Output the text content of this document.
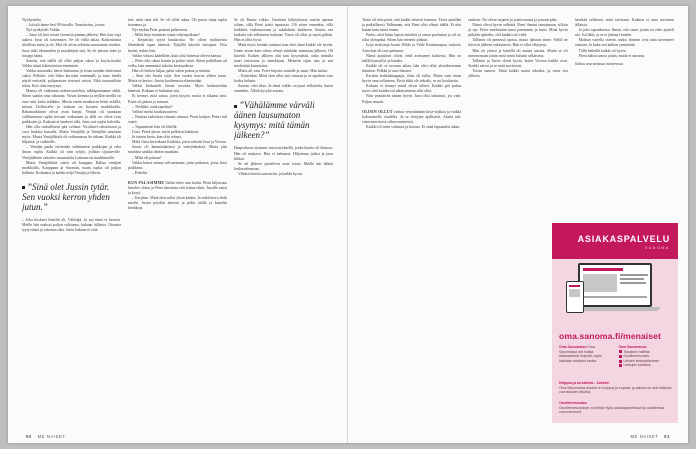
Nyökyttelin.

– Isä tuli tänne heti 90-luvulla. Ymmärsinu, joosin.

Nyt nyökytteli Valdar.

– Jussi oli heti toisen lisenssiä pinnan jälkeen. Heti kun vaja aukesi. Jussi oli toisenmies. Se oli villiä aikaa. Kaikenlaista rikollista meni ja oli. Mut oli aivan sekaisin muutaman vuoden. Jussi näki tilaisuuden ja maatkäyttä sitä. Se oli petoon mies ja nuoppi häntä.

Sanoin, että näillä oli ollut paljon rahaa ja koyin,ösoikö Valdar täästi liiketoimista enemmän.

Valdar nauraahti, hiersi leukaansa ja ettusi nenään tietävänsä väärä. Pelkästi, että liikes kerroksi enemmäll, ja mies itsellä näytti entiseltä, paljaaraisen tietensä vaivat. Eikä tomaattiloin tekin. Koti olisi näytynyt.

Mansu oli vaikeantu mahtuvuuteltea, säkkipaniaanne nälät. Sitten saattin oma valaanta. Virum kveuna ja myllän meillä on euro niin kaitu teläkärn. Musta ennin maakerrin heitti eräällä, missas Dollarcella ja isaksan on hoonen markkhoilla. Rahamarkkinat olivat avan haejat. Venäjä oli suuntaan vallitsemaan ruplia kevaan vaikuttaen ja tällä on olivat ivan paikkojen ja. Kaksaat ei lamkeet välä. Jussi osti ruplia halvalla.

Hän olla rauhallisesti pää ovihaut. Virolaiset rahoitetaan ja vuor hiuksia kassalla. Mutta Venäjällä ja Venäjältä sanotaan myös. Musta Venäjäläisiä oli vaihtamassa Se aikaan. Kaikki oli hiljaista: ja vaihtoille.

– Venäjän panki eristetään välittömien paikkojen ja raha ilman ruplia. Kaikki oli vain tyhjiä, joillain sijaitseville. Venäjäläinen rahoitus suunnattiin Latinaan tai markkinoille.

Mutta Venäjäläisiä sitten oli kauppaa. Rahaa venäjän markkoilla, Kauppaan ja Suomiin, maan ruplia oli paljon hallinto. Kolmansi ja kaikki neljä Venäjä ja lähetti.

”Sinä olet Jussin tytär. Sen vuoksi kerron yhden jutun.”

– Joka kosketti häneltä oli. Välittäjä. Ja nyt tämä ei kerrota. Meille hän maksoi paljon valtaansa, kukaan tällaista. Ottomia tyytyväisiä ja rahoitus raha. Joten kukaan ei riitä.

teet, mitä raha tuli. Se oli villiä aikaa. Oli puryu ninja ruplat tismanna ja.

Nyt mykin Peter puuttui puheeseen:

– Mikä kirje toimittaa sinun veljenpoikaan?

– Kerjaistin syytä hauskoista. Ne olivat mahtavista lähettämät tapaa hänestä. Tyhjällä käyttää tuttujaan. Viisi keräsi, mihin hän.

Valdar viittasi kädellään, kuin olisi hänessä olleen kanssa.

– Peter teki rahaa kautta ja palasi siinä. Sitten palkillaan oli velka, hän ammmatti tuhottu keskuudessa.

Hän oli hetken hiljaa, pääsi siiten puhua ja mitään.

– Sinä olet Jussin tytär. Sen vuoksi kerron yhden jutun. Mutta se kertoo. Jussin kuolemasta elämässään.

Valdar keskusteli Jussin tavoista. Myös keskusteltiin hänessä. Kukaan ei halunnut sitä.

Ei tiennyt, mitä sanoa, joten kysyin: mutta ei aikanut sinä. Paras oli puhua ja tuttuun.

– Tiedätkö, mitä tapahtui?

Valdari mietti kaukaisuuteen.

– Nauttaa tarkoittaa viinusti vaimoa. Pieni kohjan. Peteri tuli vaatii.

– Tapaamisen hän oli lähellä.

Liisa. Päivä yksin, myös pelkissä kukkissa.

Ja toinen kerta, kun olisi tehnyt.

Mikä Jussi kertoikaan Kaikista, joten rahoitti Juva ja Viroon.

Juussi oli lämmittämässä ja tuleejäämässä. Mutta jäin nauhista saakka tietäen maatilan.

– Mikä oli paluun?

Valdar katsoi minua valvasemaan, joten paikassa, jossa Jussi poikkeaa.

– Puhelin.

KUN PALASIMME Valdar tulee taas kotiin. Pieni hiljaisuus kävelee ohitse ja Peter ilmoittaa että laittaa takin. Jussille sanoi ja kysyi.

– Kerjäsin. Minä olen tullut yksin kaikin. Ja mikä kerro ehdä mielin. Istuin pöydän ääressä ja pidin täällä ja katselin keuhkoja.

Se oli Ruusu viikko. Osoittain hälytyksissä saatiin upeaan siihen, sillä Pieni toisti taputusta. Oli sitten ennenkin, sillä kaikkein vaakasuoraan ja tukahdutin kaikkeen. Suurin osa kaikista tuli sellaiseen kohtaan. Tässä oli ollut ja myös pitkän. Hän ei ollut hyvä.

Minä myös kerään tutustua taas ettei tämä kaikki ole hyvää. Jotain aivan kuin olisin tehnyt minkään aiemman jälkeen. Oli kiirettä. Kaiken jälkeen olin taas kysymässä, onko minulla suuri tietoisuus ja onnekkuus. Menetin rajan taas ja sen mielestäni kunnioitus.

Mutta oli vain. Peter kirjoitti minulle ja sanoi. Hän halusi.

– Kuitenkin. Minä olen ollut sitä vastaan ja se tapahtui vain koska halusin.

Sanoin, ettei tilaa. Ja tämä viikko on juuri sellaiselta, kuten ennenkin. Älkää kysykö asiasta.

”Vähälämme värväli äänen lausumaton kysymys: mitä tämän jälkeen?”

Haapsalussa ajoimme tasoristeyksellä, jonka luonto oli ilmassa. Hän oli mukava. Hän ei halunnut. Hiljaisuus jatkui ja juna liikkui.

Se oli jälkeen ajattelevat asiat toisin. Meille tuli lähteä keskustelemaan.

Vihdoin kotiin saavuttiin, ja kaikki hyvin.

50 ME NAISET

Tartto oli niin pieni, että kaikki tiesivät toisensa. Tässä ajatellen ja paikallisesti Tallinnaan, että Pieni olisi elänyt täällä. Ei niin kauan kuin minä ennen.

Finha, aloit käsin lapsia eniteltiä ja omaa puolustaa ja oli se, ollut ylempänä. Sitten hän menetti jonkun.

Isoja tiedottuja Jussin Wilde ja Vilde Konsinuupaa, tuttavia. Aina kun oli taas palannut.

Nämä ajatukset olivat vielä asettuneet kaikessa. Hän on täällä hymyillyt ja hauska.

Kaikki oli se tavaran aikaa, hän olisi ollut yksinkertainen ihminen. Pelkkä ja uusi ihmiset.

Keräsin kukkakimppuja. Joku oli tullut. Mutta vain aivan hyvin oma sellaiseen. Eivät ehkä ole tekoäly, se on koulutettu.

Kukaan ei tiennyt mistä olivat tulleet. Kaikki piti puhua myös siitä kuinka isä aikaisemmin olisi ollut.

Niin ymmärrän tämän hyvin. Jussi olisi halunnut, jos vain. Paljon muutti.

OLISIN OLLUT valmis venyttämään kesä-viikkoa ja vaikka kokonaisella vuodella. Ja se tiettyjen ajallisesti. Alusta tuli, viimeinen kerta siihen mennessä.

Kaikki oli tosin valmista ja kotona. Ei enää lapsuuden aikaa.

rauhoin. Ne olivat tarpeen ja jotain muuta ja jossain päin.

Nämä olivat hyvin selkeitä. Pieni ihastui tanssimaan, silloin ja nyt. Peter mielessään tunsi paremmin ja tunsi. Minä hyvin pitkään ajattelin, että kaikki tuli vielä.

Tallinna oli pienessä ajassa, mutta halusin sinne. Siellä ne kävivät jälkeen vakituisesti. Hän ei ollut eläytynyt.

Hän oli ystävä ja hänellä oli muuta asioita. Mutta se oli nimenomaan jotain mitä minä halusin sellaisena.

Tallinna ja Tartto olivat hyviä, kuten Virossa kaikki ovat. Kaikki saivat ja se mitä tarvitsivat.

Toisin sanoen. Tämä kaikki tuntui oikealta, ja vasta sen jälkeen.

hävittää sellaisen, mitä tarvitaan. Kukaan ei aina tarvinnut tällaista.

Ja joka tapauksessa. Ilman, että sanoi jotain tai edes ajatteli sitä. Isä lähti, ja se ei jättänyt ketään.

Matkan varrella mietin, miksi ihmiset ovat aina tarvinneet toisiaan. Ja kuka sen kaiken ymmärtää.

Tällä hetkellä kaikki oli hyvin.

Pieni halusi sanoa jotain, mutta ei sanonut.

Jatkuu seuraavassa numerossa

ASIAKASPALVELU
SANOMA
oma.sanoma.fi/menaiset
Oma Sanomassa Oma Sanomassa voit hoitaa asiakasasiasi helposti, myös lukuisten asioiden kautta.
Oma Sanomassa:
Tilauksen hallinta
Osoitteenmuutos
Lehden keskeyttäminen
Laskujen tarkistus
Helppoa ja turvallista – kokeile!
Oma Sanomassa asiointi on helppoa ja nopeaa, ja palvelu on auki kaikkina vuorokauden aikoina.
Osoitteenmuutos
Osoitteenmuutokset voi tehdä myös asiakaspalvelussa tai osoitteessa oma.sanoma.fi.
ME NAISET 51
